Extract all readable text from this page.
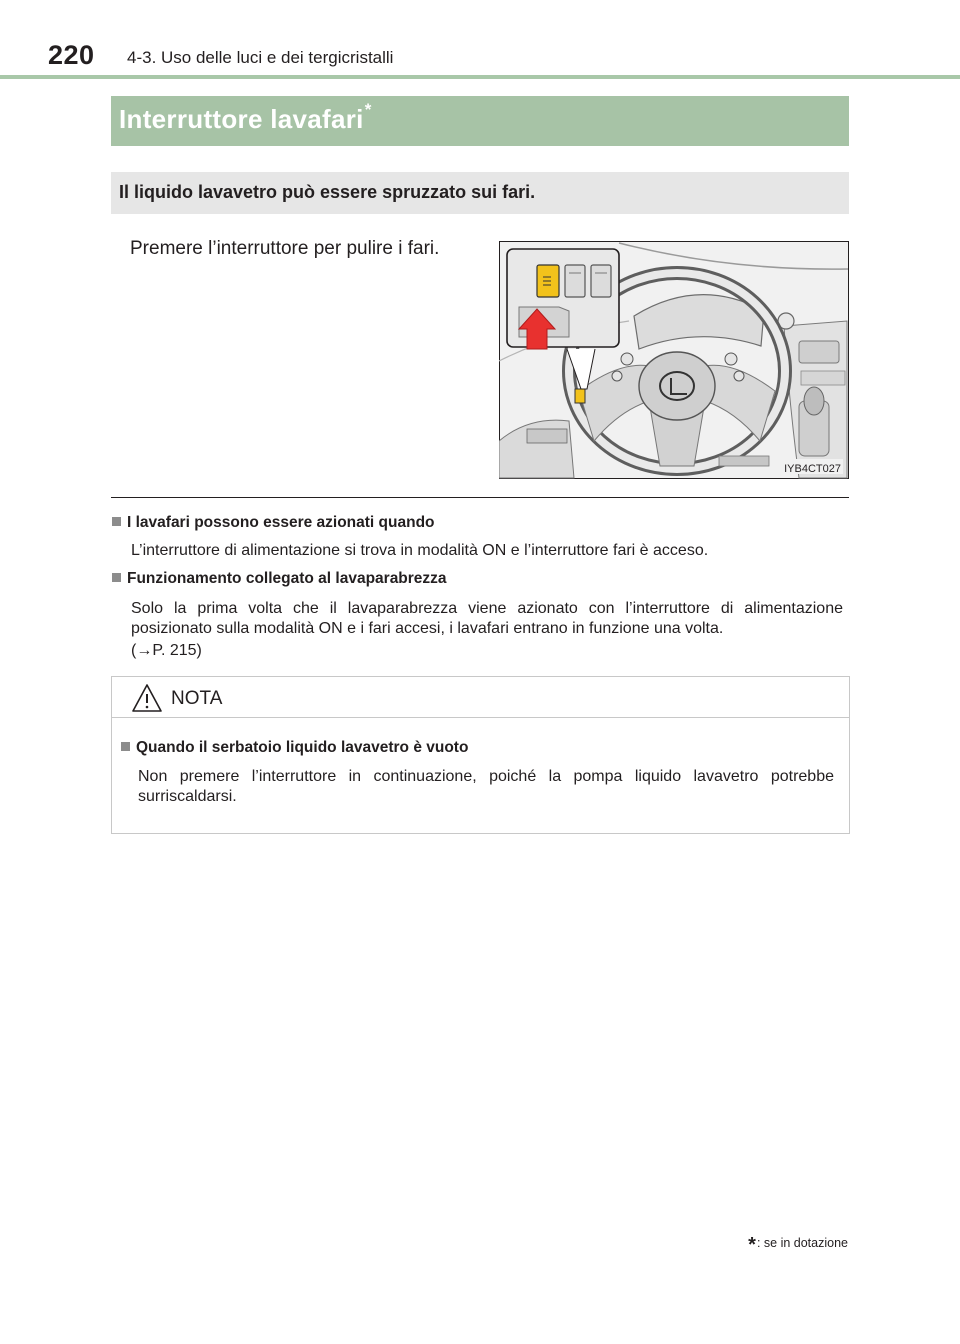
220 4-3. Uso delle luci e dei tergicristalli
Interruttore lavafari*
Il liquido lavavetro può essere spruzzato sui fari.
Premere l’interruttore per pulire i fari.
IYB4CT027
I lavafari possono essere azionati quando
L’interruttore di alimentazione si trova in modalità ON e l’interruttore fari è acceso.
Funzionamento collegato al lavaparabrezza
Solo la prima volta che il lavaparabrezza viene azionato con l’interruttore di alimentazione posizionato sulla modalità ON e i fari accesi, i lavafari entrano in funzione una volta.
(→P. 215)
NOTA
Quando il serbatoio liquido lavavetro è vuoto
Non premere l’interruttore in continuazione, poiché la pompa liquido lavavetro potrebbe surriscaldarsi.
*: se in dotazione
